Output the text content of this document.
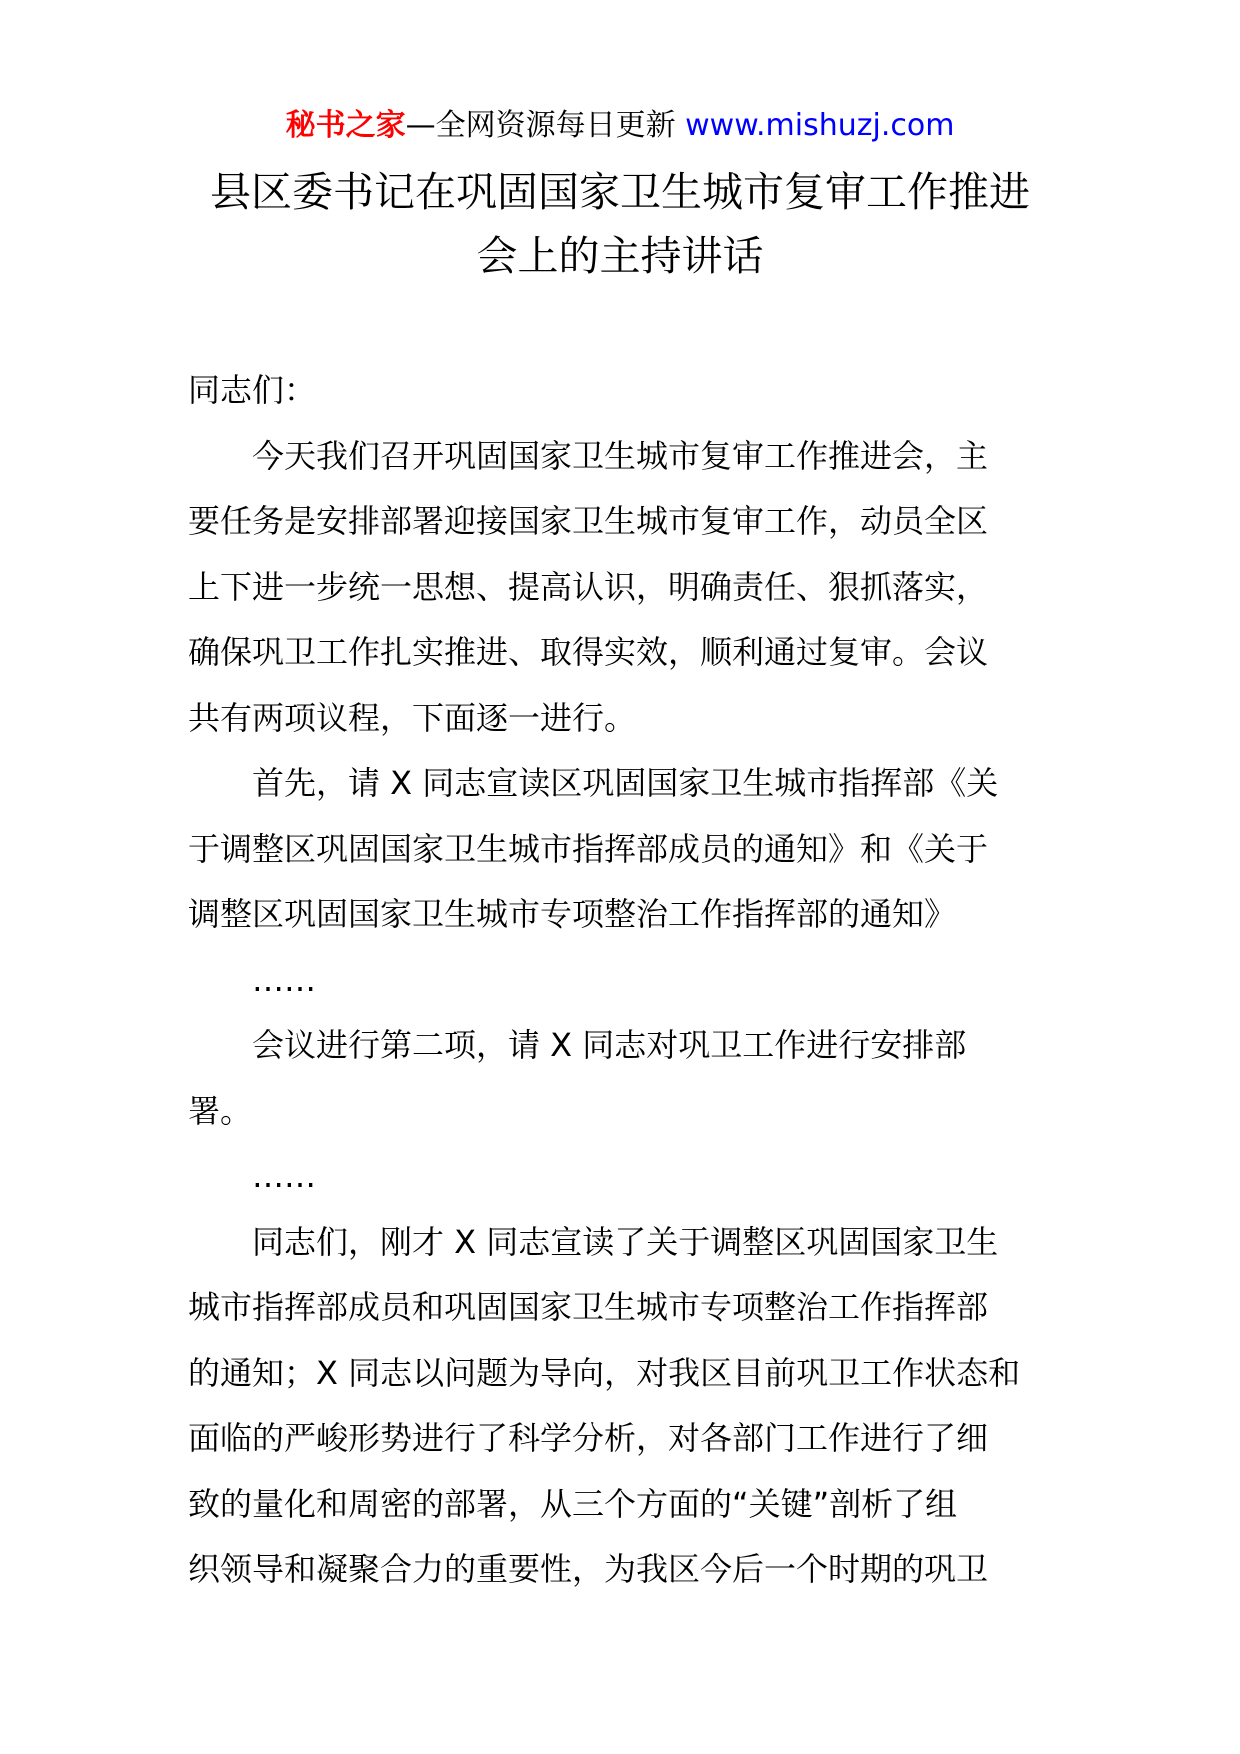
秘书之家—全网资源每日更新 www.mishuzj.com
县区委书记在巩固国家卫生城市复审工作推进
会上的主持讲话

同志们：

今天我们召开巩固国家卫生城市复审工作推进会，主

要任务是安排部署迎接国家卫生城市复审工作，动员全区

上下进一步统一思想、提高认识，明确责任、狠抓落实，

确保巩卫工作扎实推进、取得实效，顺利通过复审。会议

共有两项议程，下面逐一进行。

首先，请 X 同志宣读区巩固国家卫生城市指挥部《关

于调整区巩固国家卫生城市指挥部成员的通知》和《关于

调整区巩固国家卫生城市专项整治工作指挥部的通知》

……

会议进行第二项，请 X 同志对巩卫工作进行安排部

署。

……

同志们，刚才 X 同志宣读了关于调整区巩固国家卫生

城市指挥部成员和巩固国家卫生城市专项整治工作指挥部

的通知；X 同志以问题为导向，对我区目前巩卫工作状态和

面临的严峻形势进行了科学分析，对各部门工作进行了细

致的量化和周密的部署，从三个方面的“关键”剖析了组

织领导和凝聚合力的重要性，为我区今后一个时期的巩卫
